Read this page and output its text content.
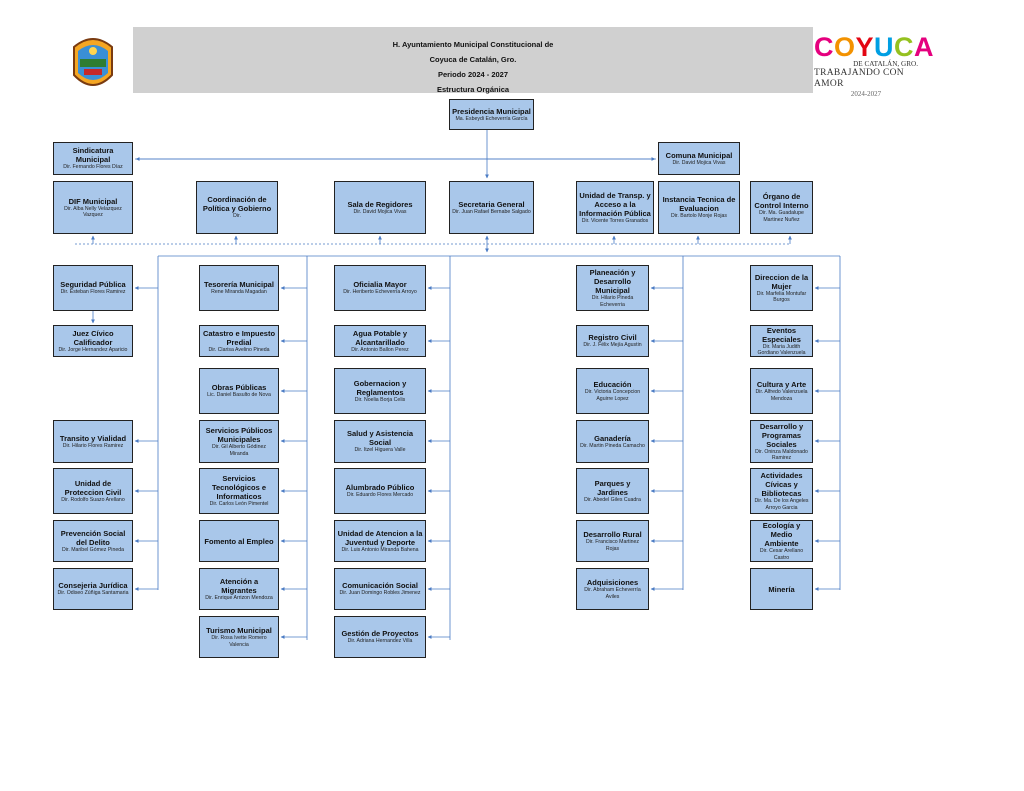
H. Ayuntamiento Municipal Constitucional de
Coyuca de Catalán, Gro.
Periodo 2024 - 2027
Estructura Orgánica
COYUCA
DE CATALÁN, GRO.
TRABAJANDO CON AMOR
2024-2027
Presidencia Municipal
Ma. Esbeydi Echeverría García
Sindicatura Municipal
Dir. Fernando Flores Díaz
Comuna Municipal
Dir. David Mojica Vivas
DIF Municipal
Dir. Alba Nelly Velazquez Vazquez
Coordinación de Política y Gobierno
Dir.
Sala de Regidores
Dir. David Mojica Vivas
Secretaria General
Dir. Juan Rafael Bernabe Salgado
Unidad de Transp. y Acceso a la Información Pública
Dir. Vicente Torres Granados
Instancia Tecnica de Evaluacion
Dir. Bartolo Monje Rojas
Órgano de Control Interno
Dir. Ma. Guadalupe Martinez Nuñez
Seguridad Pública
Dir. Esteban Flores Ramirez
Juez Cívico Calificador
Dir. Jorge Hernandez Aparicio
Transito y Vialidad
Dir. Hilario Flores Ramirez
Unidad de Proteccion Civil
Dir. Rodolfo Suazo Arellano
Prevención Social del Delito
Dir. Maribel Gómez Pineda
Consejeria Jurídica
Dir. Odiseo Zúñiga Santamaria
Tesorería Municipal
Rene Miranda Magadan
Catastro e Impuesto Predial
Dir. Clarisa Avelino Pineda
Obras Públicas
Lic. Daniel Basulto de Nova
Servicios Públicos Municipales
Dir. Gil Alberto Gódinez Miranda
Servicios Tecnológicos e Informaticos
Dir. Carlos León Pimentel
Fomento al Empleo
Atención a Migrantes
Dir. Enrique Arrizon Mendoza
Turismo Municipal
Dir. Rosa Ivette Romero Valencia
Oficialia Mayor
Dir. Heriberto Echeverría Arroyo
Agua Potable y Alcantarillado
Dir. Antonio Ballon Perez
Gobernacion y Reglamentos
Dir. Noelia Borja Celis
Salud y Asistencia Social
Dir. Itzel Higuera Valle
Alumbrado Público
Dir. Eduardo Flores Mercado
Unidad de Atencion a la Juventud y Deporte
Dir. Luis Antonio Miranda Bahena
Comunicación Social
Dir. Juan Domingo Robles Jimenez
Gestión de Proyectos
Dir. Adriana Hernandez Villa
Planeación y Desarrollo Municipal
Dir. Hilario Pineda Echeverria
Registro Civil
Dir. J. Félix Mejía Agustin
Educación
Dir. Victoria Concepcion Aguirre Lopez
Ganadería
Dir. Martin Pineda Camacho
Parques y Jardines
Dir. Abedel Giles Cuadra
Desarrollo Rural
Dir. Francisco Martinez Rojas
Adquisiciones
Dir. Abraham Echeverría Aviles
Direccion de la Mujer
Dir. Marfelia Montufar Burgos
Eventos Especiales
Dir. Maria Judith Gordiano Valenzuela
Cultura y Arte
Dir. Alfredo Valenzuela Mendoza
Desarrollo y Programas Sociales
Dir. Oninza Maldonado Ramirez
Actividades Cívicas y Bibliotecas
Dir. Ma. De los Angeles Arroyo Garcia
Ecología y Medio Ambiente
Dir. Cesar Arellano Castro
Minería
